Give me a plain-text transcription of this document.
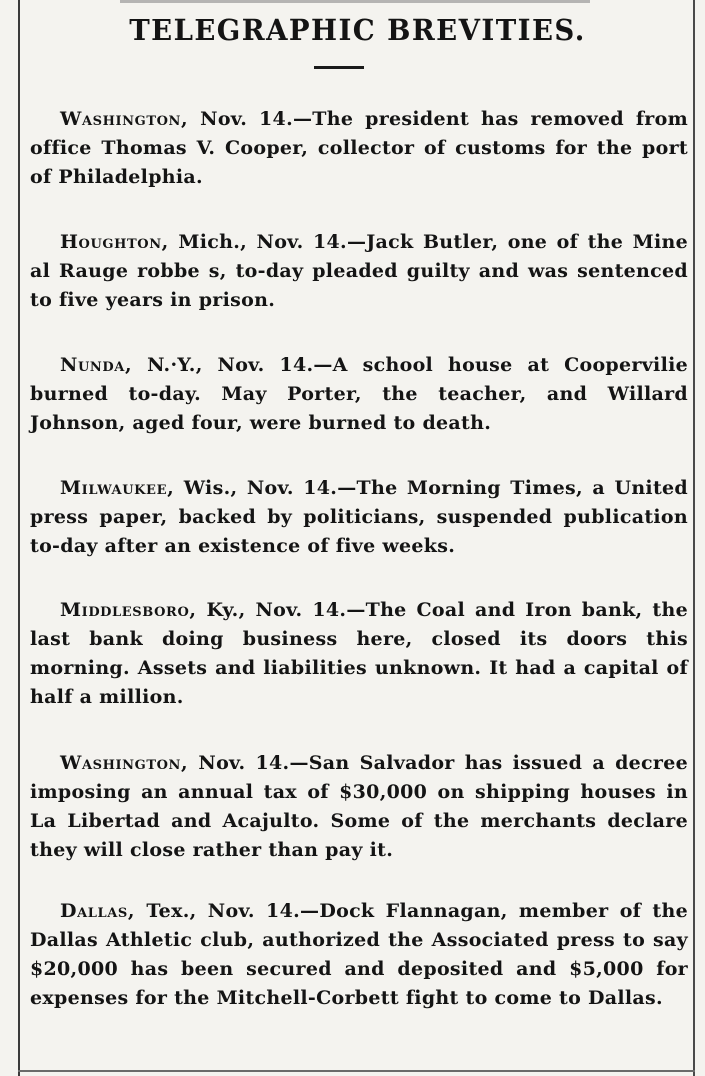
TELEGRAPHIC BREVITIES.

Washington, Nov. 14.—The president has removed from office Thomas V. Cooper, collector of customs for the port of Philadelphia.

Houghton, Mich., Nov. 14.—Jack Butler, one of the Mine al Rauge robbe s, to-day pleaded guilty and was sentenced to five years in prison.

Nunda, N.·Y., Nov. 14.—A school house at Coopervilie burned to-day. May Porter, the teacher, and Willard Johnson, aged four, were burned to death.

Milwaukee, Wis., Nov. 14.—The Morning Times, a United press paper, backed by politicians, suspended publication to-day after an existence of five weeks.

Middlesboro, Ky., Nov. 14.—The Coal and Iron bank, the last bank doing business here, closed its doors this morning. Assets and liabilities unknown. It had a capital of half a million.

Washington, Nov. 14.—San Salvador has issued a decree imposing an annual tax of $30,000 on shipping houses in La Libertad and Acajulto. Some of the merchants declare they will close rather than pay it.

Dallas, Tex., Nov. 14.—Dock Flannagan, member of the Dallas Athletic club, authorized the Associated press to say $20,000 has been secured and deposited and $5,000 for expenses for the Mitchell-Corbett fight to come to Dallas.
